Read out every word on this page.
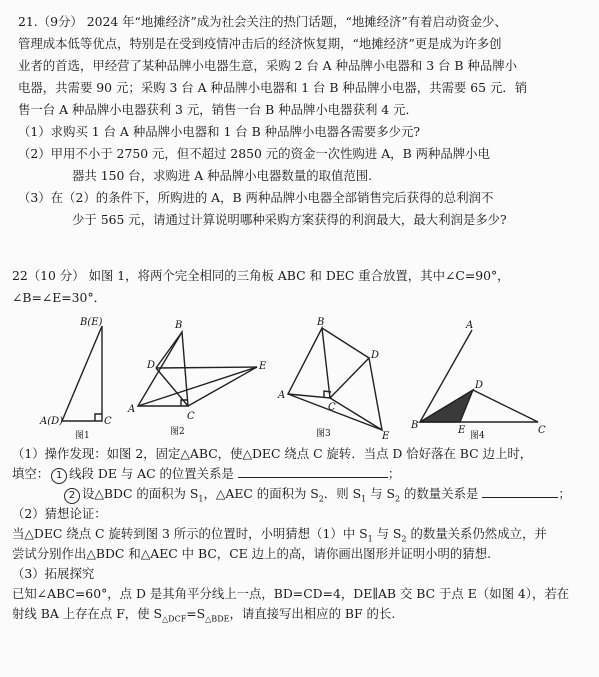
21.（9分） 2024 年“地摊经济”成为社会关注的热门话题，“地摊经济”有着启动资金少、
管理成本低等优点，特别是在受到疫情冲击后的经济恢复期，“地摊经济”更是成为许多创
业者的首选，甲经营了某种品牌小电器生意，采购 2 台 A 种品牌小电器和 3 台 B 种品牌小
电器，共需要 90 元；采购 3 台 A 种品牌小电器和 1 台 B 种品牌小电器，共需要 65 元．销
售一台 A 种品牌小电器获利 3 元，销售一台 B 种品牌小电器获利 4 元．
（1）求购买 1 台 A 种品牌小电器和 1 台 B 种品牌小电器各需要多少元?
（2）甲用不小于 2750 元，但不超过 2850 元的资金一次性购进 A，B 两种品牌小电
器共 150 台，求购进 A 种品牌小电器数量的取值范围.
（3）在（2）的条件下，所购进的 A，B 两种品牌小电器全部销售完后获得的总利润不
少于 565 元，请通过计算说明哪种采购方案获得的利润最大，最大利润是多少?
22（10 分） 如图 1，将两个完全相同的三角板 ABC 和 DEC 重合放置，其中∠C=90°，
∠B=∠E=30°．
B(E)
A(D)	C
图1
B
D	E
A
C
图2
B
D
A
C
E
图3
A
D
B	E	C
图4
（1）操作发现：如图 2，固定△ABC，使△DEC 绕点 C 旋转．当点 D 恰好落在 BC 边上时，
填空： 1 线段 DE 与 AC 的位置关系是	；
2 设△BDC 的面积为 $S_1$，△AEC 的面积为 $S_2$．则 $S_1$ 与 $S_2$ 的数量关系是	；
（2）猜想论证：
当△DEC 绕点 C 旋转到图 3 所示的位置时，小明猜想（1）中 $S_1$ 与 $S_2$ 的数量关系仍然成立，并
尝试分别作出△BDC 和△AEC 中 BC，CE 边上的高，请你画出图形并证明小明的猜想.
（3）拓展探究
已知∠ABC=60°，点 D 是其角平分线上一点，BD=CD=4，DE∥AB 交 BC 于点 E（如图 4），若在
射线 BA 上存在点 F，使 $S_{\triangle DCF}=S_{\triangle BDE}$，请直接写出相应的 BF 的长.
